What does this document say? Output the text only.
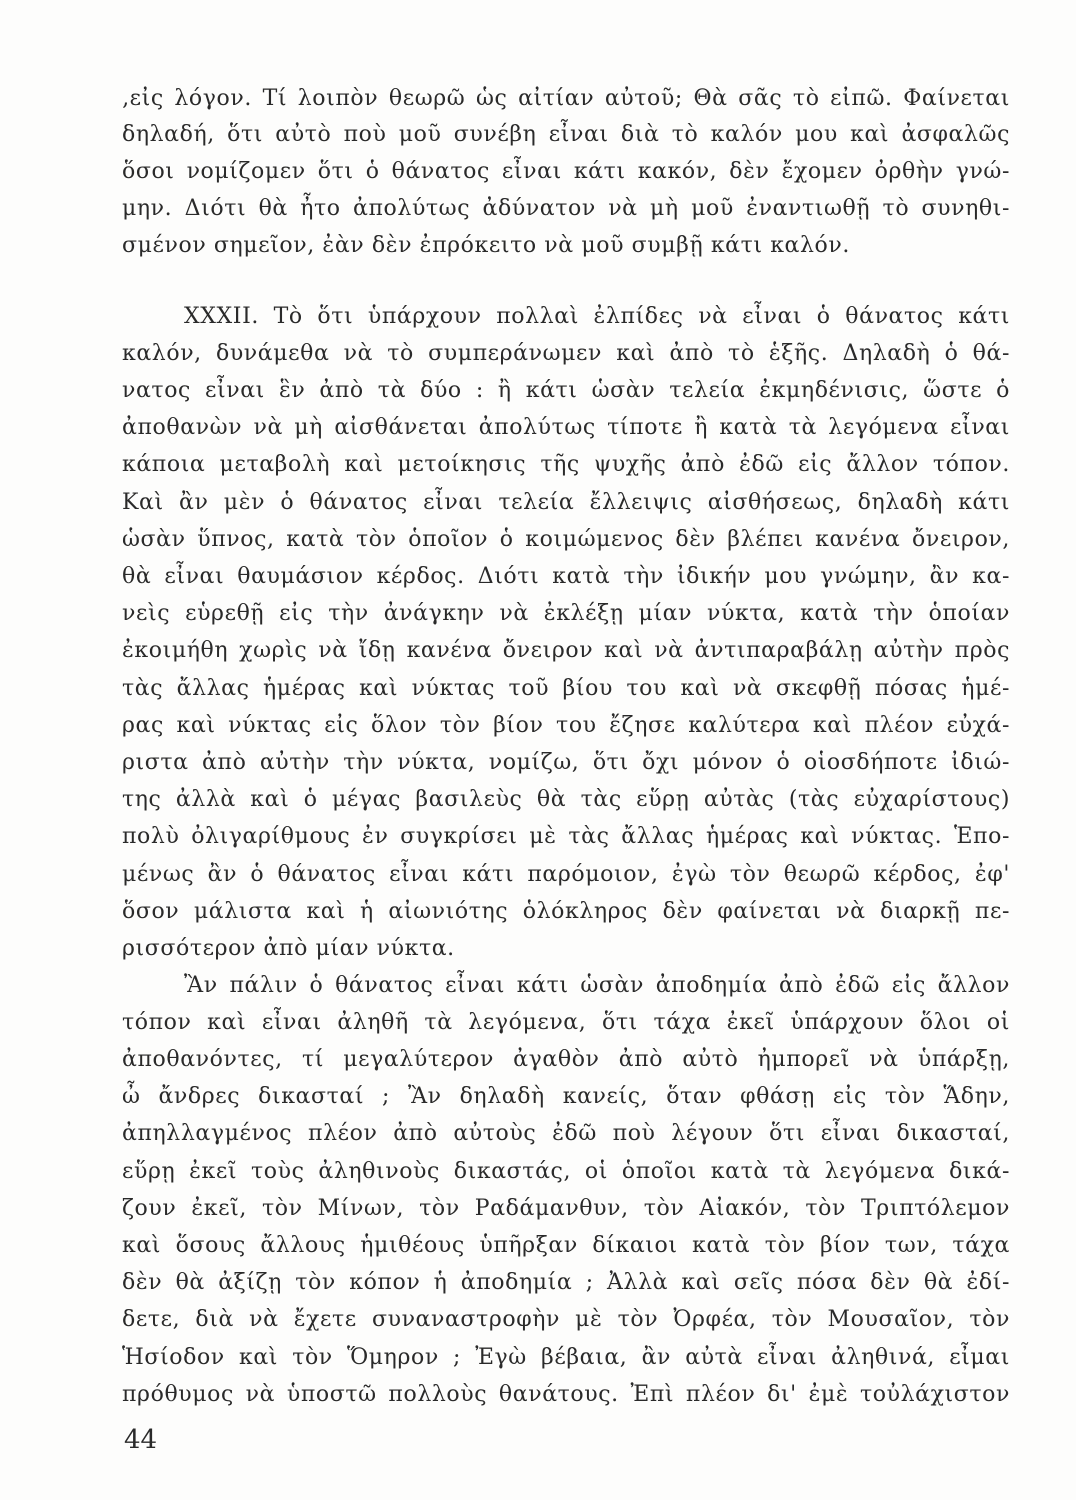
‚εἰς λόγον. Τί λοιπὸν θεωρῶ ὡς αἰτίαν αὐτοῦ; Θὰ σᾶς τὸ εἰπῶ. Φαίνεται
δηλαδή, ὅτι αὐτὸ ποὺ μοῦ συνέβη εἶναι διὰ τὸ καλόν μου καὶ ἀσφαλῶς
ὅσοι νομίζομεν ὅτι ὁ θάνατος εἶναι κάτι κακόν, δὲν ἔχομεν ὀρθὴν γνώ-
μην. Διότι θὰ ἦτο ἀπολύτως ἀδύνατον νὰ μὴ μοῦ ἐναντιωθῇ τὸ συνηθι-
σμένον σημεῖον, ἐὰν δὲν ἐπρόκειτο νὰ μοῦ συμβῇ κάτι καλόν.
XXXII. Τὸ ὅτι ὑπάρχουν πολλαὶ ἐλπίδες νὰ εἶναι ὁ θάνατος κάτι
καλόν, δυνάμεθα νὰ τὸ συμπεράνωμεν καὶ ἀπὸ τὸ ἑξῆς. Δηλαδὴ ὁ θά-
νατος εἶναι ἓν ἀπὸ τὰ δύο : ἢ κάτι ὡσὰν τελεία ἐκμηδένισις, ὥστε ὁ
ἀποθανὼν νὰ μὴ αἰσθάνεται ἀπολύτως τίποτε ἢ κατὰ τὰ λεγόμενα εἶναι
κάποια μεταβολὴ καὶ μετοίκησις τῆς ψυχῆς ἀπὸ ἐδῶ εἰς ἄλλον τόπον.
Καὶ ἂν μὲν ὁ θάνατος εἶναι τελεία ἔλλειψις αἰσθήσεως, δηλαδὴ κάτι
ὡσὰν ὕπνος, κατὰ τὸν ὁποῖον ὁ κοιμώμενος δὲν βλέπει κανένα ὄνειρον,
θὰ εἶναι θαυμάσιον κέρδος. Διότι κατὰ τὴν ἰδικήν μου γνώμην, ἂν κα-
νεὶς εὑρεθῇ εἰς τὴν ἀνάγκην νὰ ἐκλέξῃ μίαν νύκτα, κατὰ τὴν ὁποίαν
ἐκοιμήθη χωρὶς νὰ ἴδῃ κανένα ὄνειρον καὶ νὰ ἀντιπαραβάλῃ αὐτὴν πρὸς
τὰς ἄλλας ἡμέρας καὶ νύκτας τοῦ βίου του καὶ νὰ σκεφθῇ πόσας ἡμέ-
ρας καὶ νύκτας εἰς ὅλον τὸν βίον του ἔζησε καλύτερα καὶ πλέον εὐχά-
ριστα ἀπὸ αὐτὴν τὴν νύκτα, νομίζω, ὅτι ὄχι μόνον ὁ οἱοσδήποτε ἰδιώ-
της ἀλλὰ καὶ ὁ μέγας βασιλεὺς θὰ τὰς εὕρῃ αὐτὰς (τὰς εὐχαρίστους)
πολὺ ὀλιγαρίθμους ἐν συγκρίσει μὲ τὰς ἄλλας ἡμέρας καὶ νύκτας. Ἑπο-
μένως ἂν ὁ θάνατος εἶναι κάτι παρόμοιον, ἐγὼ τὸν θεωρῶ κέρδος, ἐφ'
ὅσον μάλιστα καὶ ἡ αἰωνιότης ὁλόκληρος δὲν φαίνεται νὰ διαρκῇ πε-
ρισσότερον ἀπὸ μίαν νύκτα.
Ἂν πάλιν ὁ θάνατος εἶναι κάτι ὡσὰν ἀποδημία ἀπὸ ἐδῶ εἰς ἄλλον
τόπον καὶ εἶναι ἀληθῆ τὰ λεγόμενα, ὅτι τάχα ἐκεῖ ὑπάρχουν ὅλοι οἱ
ἀποθανόντες, τί μεγαλύτερον ἀγαθὸν ἀπὸ αὐτὸ ἠμπορεῖ νὰ ὑπάρξῃ,
ὦ ἄνδρες δικασταί ; Ἂν δηλαδὴ κανείς, ὅταν φθάσῃ εἰς τὸν Ἅδην,
ἀπηλλαγμένος πλέον ἀπὸ αὐτοὺς ἐδῶ ποὺ λέγουν ὅτι εἶναι δικασταί,
εὕρῃ ἐκεῖ τοὺς ἀληθινοὺς δικαστάς, οἱ ὁποῖοι κατὰ τὰ λεγόμενα δικά-
ζουν ἐκεῖ, τὸν Μίνων, τὸν Ραδάμανθυν, τὸν Αἰακόν, τὸν Τριπτόλεμον
καὶ ὅσους ἄλλους ἡμιθέους ὑπῆρξαν δίκαιοι κατὰ τὸν βίον των, τάχα
δὲν θὰ ἀξίζῃ τὸν κόπον ἡ ἀποδημία ; Ἀλλὰ καὶ σεῖς πόσα δὲν θὰ ἐδί-
δετε, διὰ νὰ ἔχετε συναναστροφὴν μὲ τὸν Ὀρφέα, τὸν Μουσαῖον, τὸν
Ἡσίοδον καὶ τὸν Ὅμηρον ; Ἐγὼ βέβαια, ἂν αὐτὰ εἶναι ἀληθινά, εἶμαι
πρόθυμος νὰ ὑποστῶ πολλοὺς θανάτους. Ἐπὶ πλέον δι' ἐμὲ τοὐλάχιστον
44
